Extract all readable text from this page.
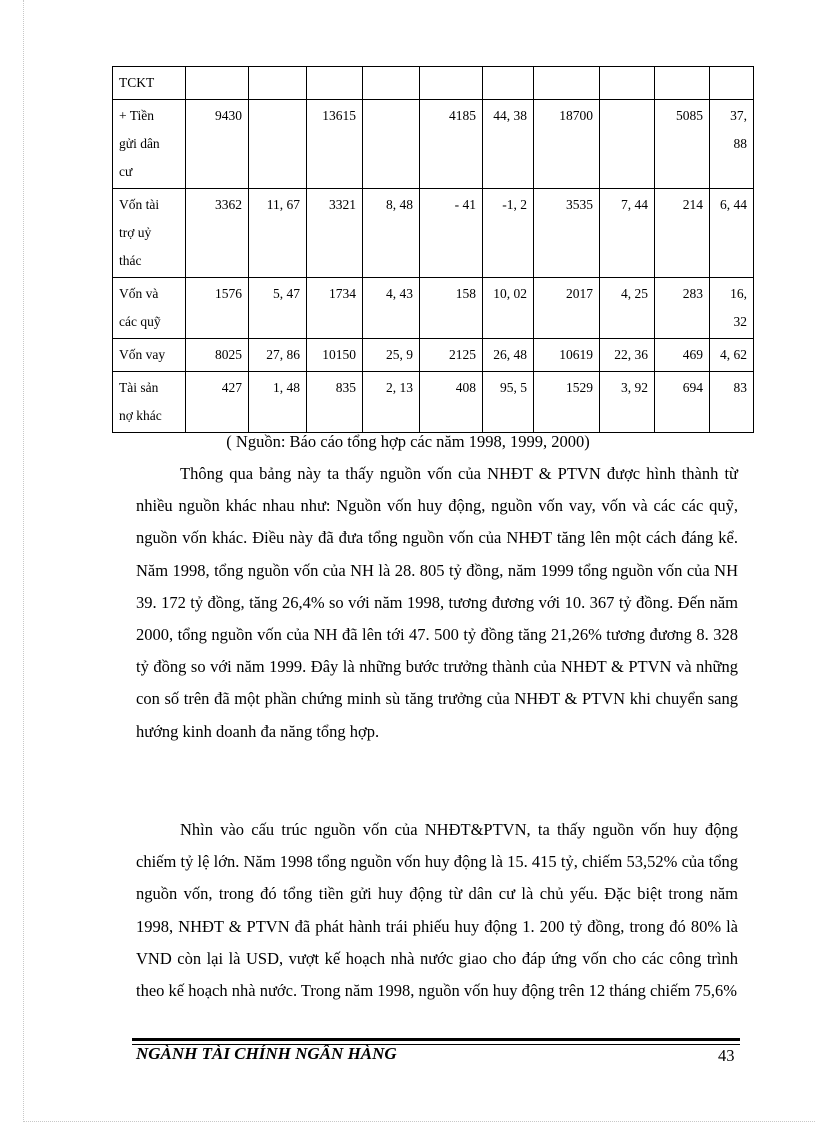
TCKT										

+ Tiền
gửi dân
cư	9430		13615		4185	44, 38	18700		5085	37, 88

Vốn tài
trợ uỷ
thác	3362	11, 67	3321	8, 48	- 41	-1, 2	3535	7, 44	214	6, 44

Vốn và
các quỹ	1576	5, 47	1734	4, 43	158	10, 02	2017	4, 25	283	16, 32

Vốn vay	8025	27, 86	10150	25, 9	2125	26, 48	10619	22, 36	469	4, 62

Tài sản
nợ khác	427	1, 48	835	2, 13	408	95, 5	1529	3, 92	694	83
( Nguồn: Báo cáo tổng hợp các năm 1998, 1999, 2000)

Thông qua bảng này ta thấy nguồn vốn của NHĐT & PTVN được hình thành từ nhiều nguồn khác nhau như: Nguồn vốn huy động, nguồn vốn vay, vốn và các các quỹ, nguồn vốn khác. Điều này đã đưa tổng nguồn vốn của NHĐT tăng lên một cách đáng kể. Năm 1998, tổng nguồn vốn của NH là 28. 805 tỷ đồng, năm 1999 tổng nguồn vốn của NH 39. 172 tỷ đồng, tăng 26,4% so với năm 1998, tương đương với 10. 367 tỷ đồng. Đến năm 2000, tổng nguồn vốn của NH đã lên tới 47. 500 tỷ đồng tăng 21,26% tương đương 8. 328 tỷ đồng so với năm 1999. Đây là những bước trưởng thành của NHĐT & PTVN và những con số trên đã một phần chứng minh sù tăng trưởng của NHĐT & PTVN khi chuyển sang hướng kinh doanh đa năng tổng hợp.

Nhìn vào cấu trúc nguồn vốn của NHĐT&PTVN, ta thấy nguồn vốn huy động chiếm tỷ lệ lớn. Năm 1998 tổng nguồn vốn huy động là 15. 415 tỷ, chiếm 53,52% của tổng nguồn vốn, trong đó tổng tiền gửi huy động từ dân cư là chủ yếu. Đặc biệt trong năm 1998, NHĐT & PTVN đã phát hành trái phiếu huy động 1. 200 tỷ đồng, trong đó 80% là VND còn lại là USD, vượt kế hoạch nhà nước giao cho đáp ứng vốn cho các công trình theo kế hoạch nhà nước. Trong năm 1998, nguồn vốn huy động trên 12 tháng chiếm 75,6%

NGÀNH TÀI CHÍNH NGÂN HÀNG	43
